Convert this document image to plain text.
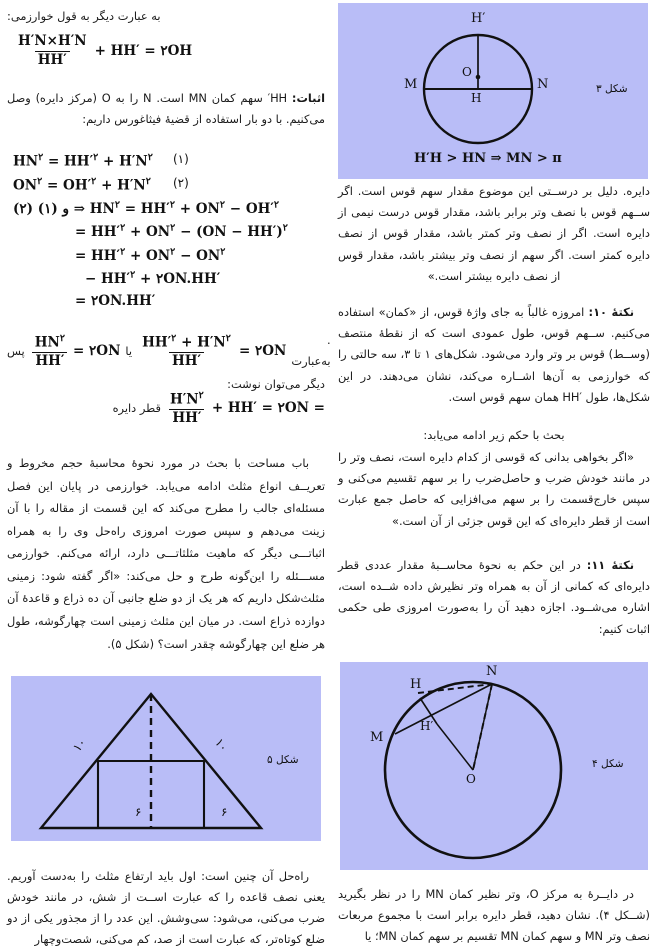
به عبارت دیگر به قول خوارزمی:
$\frac{H'N\times H'N}{HH'} + HH'$ = ۲OH
اثبات: HH′ سهم کمان MN است. N را به O (مرکز دایره) وصل می‌کنیم. با دو بار استفاده از قضیهٔ فیثاغورس داریم:
$HN^۲ = HH'^۲ + H'N^۲$	(۱)
$ON^۲ = OH'^۲ + H'N^۲$	(۲)
(۲) و (۱) ⇒ $HN^۲ = HH'^۲ + ON^۲ - OH'^۲$
= $HH'^۲ + ON^۲ - (ON - HH')^۲$
= $HH'^۲ + ON^۲ - ON^۲$
− $HH'^۲$ + ۲ON.HH′
= ۲ON.HH′
پس $\frac{HN^۲}{HH'}$ = ۲ON یا $\frac{HH'^۲ + H'N^۲}{HH'}$ = ۲ON
. به‌عبارت
دیگر می‌توان نوشت:
قطر دایره $\frac{H'N^۲}{HH'} + HH'$ = ۲ON =
باب مساحت با بحث در مورد نحوهٔ محاسبهٔ حجم مخروط و تعریــف انواع مثلث ادامه می‌یابد. خوارزمی در پایان این فصل مسئله‌ای جالب را مطرح می‌کند که این قسمت از مقاله را با آن زینت می‌دهم و سپس صورت امروزی راه‌حل وی را به همراه اثباتـــی دیگر که ماهیت مثلثاتـــی دارد، ارائه می‌کنم. خوارزمی مســـئله را این‌گونه طرح و حل می‌کند: «اگر گفته شود: زمینی مثلث‌شکل داریم که هر یک از دو ضلع جانبی آن ده ذراع و قاعدهٔ آن دوازده ذراع است. در میان این مثلث زمینی است چهارگوشه، طول هر ضلع این چهارگوشه چقدر است؟ (شکل ۵).
راه‌حل آن چنین است: اول باید ارتفاع مثلث را به‌دست آوریم. یعنی نصف قاعده را که عبارت اســت از شش، در مانند خودش ضرب می‌کنی، می‌شود: سی‌وشش. این عدد را از مجذور یکی از دو ضلع کوتاه‌تر، که عبارت است از صد، کم می‌کنی، شصت‌وچهار
دایره. دلیل بر درســتی این موضوع مقدار سهم قوس است. اگر ســهم قوس با نصف وتر برابر باشد، مقدار قوس درست نیمی از دایره است. اگر از نصف وتر کمتر باشد، مقدار قوس از نصف دایره کمتر است. اگر سهم از نصف وتر بیشتر باشد، مقدار قوس از نصف دایره بیشتر است.»
نکتهٔ ۱۰: امروزه غالباً به جای واژهٔ قوس، از «کمان» استفاده می‌کنیم. ســهم قوس، طول عمودی است که از نقطهٔ منتصف (وســط) قوس بر وتر وارد می‌شود. شکل‌های ۱ تا ۳، سه حالتی را که خوارزمی به آن‌ها اشــاره می‌کند، نشان می‌دهند. در این شکل‌ها، طول ′HH همان سهم قوس است.
بحث با حکم زیر ادامه می‌یابد:
«اگر بخواهی بدانی که قوسی از کدام دایره است، نصف وتر را در مانند خودش ضرب و حاصل‌ضرب را بر سهم تقسیم می‌کنی و سپس خارج‌قسمت را بر سهم می‌افزایی که حاصل جمع عبارت است از قطر دایره‌ای که این قوس جزئی از آن است.»
نکتهٔ ۱۱: در این حکم به نحوهٔ محاســبهٔ مقدار عددی قطر دایره‌ای که کمانی از آن به همراه وتر نظیرش داده شــده است، اشاره می‌شــود. اجازه دهید آن را به‌صورت امروزی طی حکمی اثبات کنیم:
در دایــرهٔ به مرکز O، وتر نظیر کمان MN را در نظر بگیرید (شــکل ۴). نشان دهید، قطر دایره برابر است با مجموع مربعات نصف وتر MN و سهم کمان MN تقسیم بر سهم کمان MN؛ یا
H′
M	N
O
H
H′H > HN ⇒ MN > π
شکل ۳
۱۰	۱۰
۶	۶
شکل ۵
N
H
H′
M
O
شکل ۴
